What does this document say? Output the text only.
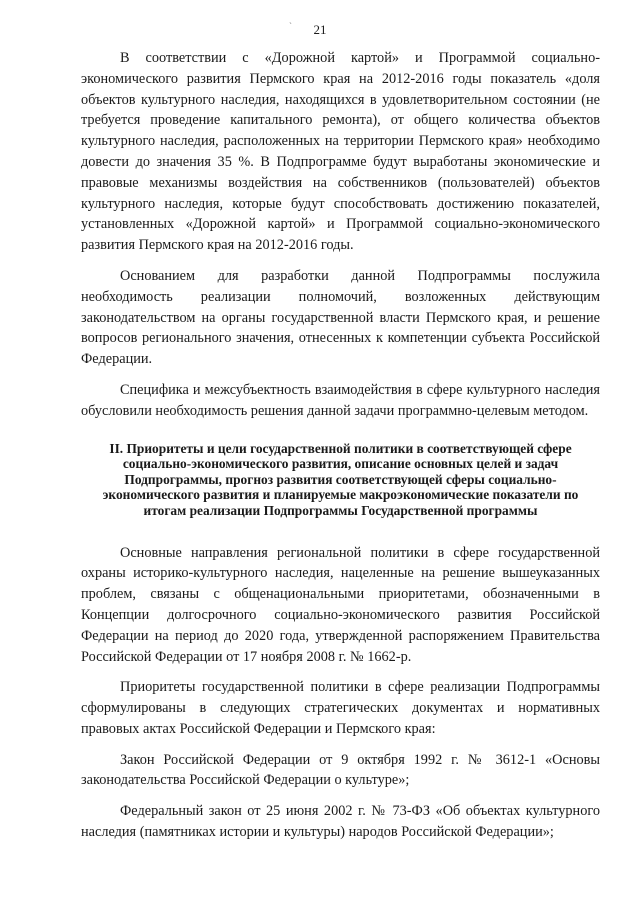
`	21

В соответствии с «Дорожной картой» и Программой социально-экономического развития Пермского края на 2012-2016 годы показатель «доля объектов культурного наследия, находящихся в удовлетворительном состоянии (не требуется проведение капитального ремонта), от общего количества объектов культурного наследия, расположенных на территории Пермского края» необходимо довести до значения 35 %. В Подпрограмме будут выработаны экономические и правовые механизмы воздействия на собственников (пользователей) объектов культурного наследия, которые будут способствовать достижению показателей, установленных «Дорожной картой» и Программой социально-экономического развития Пермского края на 2012-2016 годы.

Основанием для разработки данной Подпрограммы послужила необходимость реализации полномочий, возложенных действующим законодательством на органы государственной власти Пермского края, и решение вопросов регионального значения, отнесенных к компетенции субъекта Российской Федерации.

Специфика и межсубъектность взаимодействия в сфере культурного наследия обусловили необходимость решения данной задачи программно-целевым методом.

II. Приоритеты и цели государственной политики в соответствующей сфере социально-экономического развития, описание основных целей и задач Подпрограммы, прогноз развития соответствующей сферы социально-экономического развития и планируемые макроэкономические показатели по итогам реализации Подпрограммы Государственной программы

Основные направления региональной политики в сфере государственной охраны историко-культурного наследия, нацеленные на решение вышеуказанных проблем, связаны с общенациональными приоритетами, обозначенными в Концепции долгосрочного социально-экономического развития Российской Федерации на период до 2020 года, утвержденной распоряжением Правительства Российской Федерации от 17 ноября 2008 г. № 1662-р.

Приоритеты государственной политики в сфере реализации Подпрограммы сформулированы в следующих стратегических документах и нормативных правовых актах Российской Федерации и Пермского края:

Закон Российской Федерации от 9 октября 1992 г. № 3612-1 «Основы законодательства Российской Федерации о культуре»;

Федеральный закон от 25 июня 2002 г. № 73-ФЗ «Об объектах культурного наследия (памятниках истории и культуры) народов Российской Федерации»;
